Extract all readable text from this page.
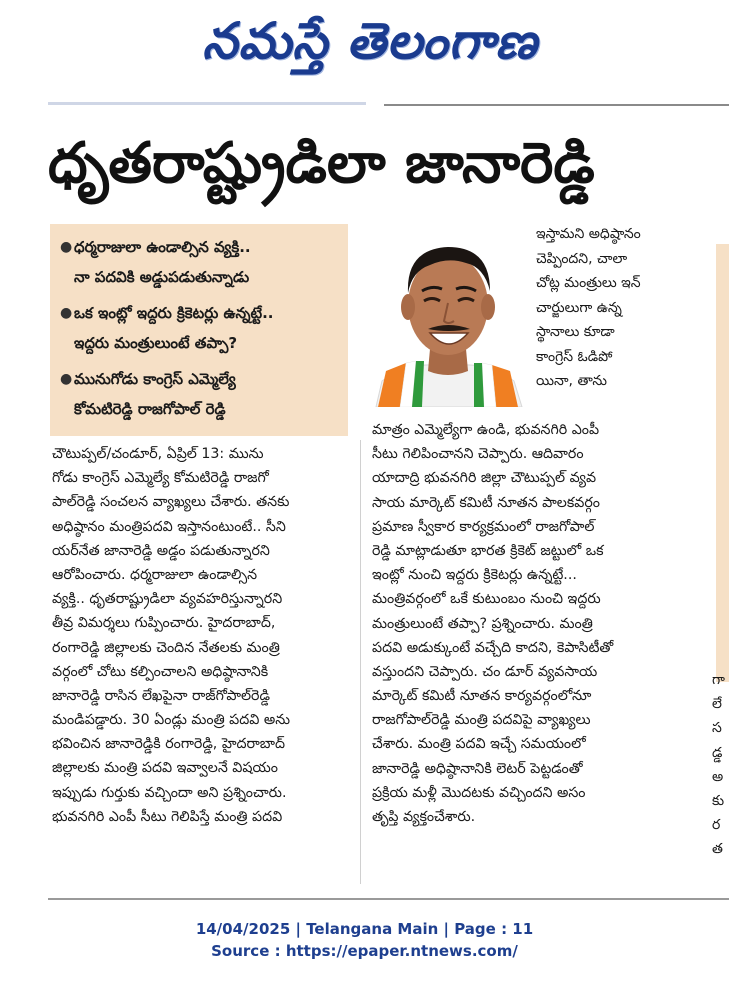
నమస్తే తెలంగాణ
ధృతరాష్ట్రుడిలా జానారెడ్డి
● ధర్మరాజులా ఉండాల్సిన వ్యక్తి..
నా పదవికి అడ్డుపడుతున్నాడు
● ఒక ఇంట్లో ఇద్దరు క్రికెటర్లు ఉన్నట్టే..
ఇద్దరు మంత్రులుంటే తప్పా?
● మునుగోడు కాంగ్రెస్ ఎమ్మెల్యే
కోమటిరెడ్డి రాజగోపాల్ రెడ్డి
ఇస్తామని అధిష్ఠానం
చెప్పిందని, చాలా
చోట్ల మంత్రులు ఇన్
చార్జులుగా ఉన్న
స్థానాలు కూడా
కాంగ్రెస్ ఓడిపో
యినా, తాను
చౌటుప్పల్/చండూర్, ఏప్రిల్ 13: మును
గోడు కాంగ్రెస్ ఎమ్మెల్యే కోమటిరెడ్డి రాజగో
పాల్‌రెడ్డి సంచలన వ్యాఖ్యలు చేశారు. తనకు
అధిష్ఠానం మంత్రిపదవి ఇస్తానంటుంటే.. సీని
యర్‌నేత జానారెడ్డి అడ్డం పడుతున్నారని
ఆరోపించారు. ధర్మరాజులా ఉండాల్సిన
వ్యక్తి.. ధృతరాష్ట్రుడిలా వ్యవహరిస్తున్నారని
తీవ్ర విమర్శలు గుప్పించారు. హైదరాబాద్,
రంగారెడ్డి జిల్లాలకు చెందిన నేతలకు మంత్రి
వర్గంలో చోటు కల్పించాలని అధిష్ఠానానికి
జానారెడ్డి రాసిన లేఖపైనా రాజ్‌గోపాల్‌రెడ్డి
మండిపడ్డారు. 30 ఏండ్లు మంత్రి పదవి అను
భవించిన జానారెడ్డికి రంగారెడ్డి, హైదరాబాద్
జిల్లాలకు మంత్రి పదవి ఇవ్వాలనే విషయం
ఇప్పుడు గుర్తుకు వచ్చిందా అని ప్రశ్నించారు.
భువనగిరి ఎంపీ సీటు గెలిపిస్తే మంత్రి పదవి
మాత్రం ఎమ్మెల్యేగా ఉండి, భువనగిరి ఎంపీ
సీటు గెలిపించానని చెప్పారు. ఆదివారం
యాదాద్రి భువనగిరి జిల్లా చౌటుప్పల్ వ్యవ
సాయ మార్కెట్ కమిటీ నూతన పాలకవర్గం
ప్రమాణ స్వీకార కార్యక్రమంలో రాజగోపాల్
రెడ్డి మాట్లాడుతూ భారత క్రికెట్ జట్టులో ఒక
ఇంట్లో నుంచి ఇద్దరు క్రికెటర్లు ఉన్నట్టే...
మంత్రివర్గంలో ఒకే కుటుంబం నుంచి ఇద్దరు
మంత్రులుంటే తప్పా? ప్రశ్నించారు. మంత్రి
పదవి అడుక్కుంటే వచ్చేది కాదని, కెపాసిటీతో
వస్తుందని చెప్పారు. చం డూర్ వ్యవసాయ
మార్కెట్ కమిటీ నూతన కార్యవర్గంలోనూ
రాజగోపాల్‌రెడ్డి మంత్రి పదవిపై వ్యాఖ్యలు
చేశారు. మంత్రి పదవి ఇచ్చే సమయంలో
జానారెడ్డి అధిష్ఠానానికి లెటర్ పెట్టడంతో
ప్రక్రియ మళ్లీ మొదటకు వచ్చిందని అసం
తృప్తి వ్యక్తంచేశారు.
గా
లే
స
డ్డ
అ
కు
ర
త
14/04/2025 | Telangana Main | Page : 11
Source : https://epaper.ntnews.com/
